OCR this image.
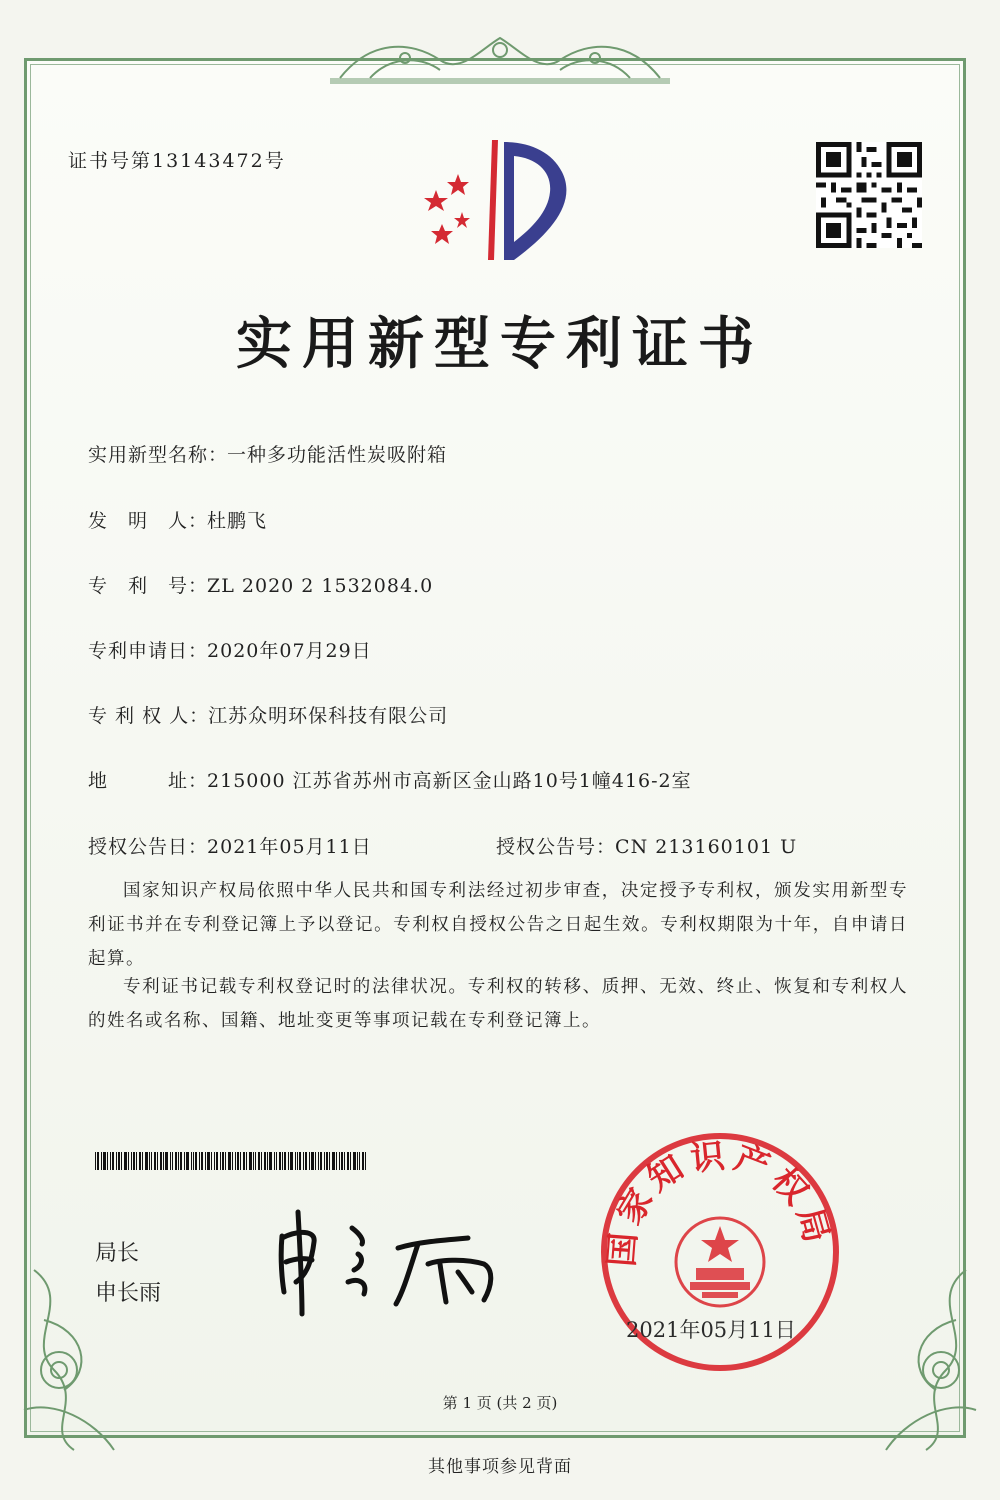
证书号第13143472号
实用新型专利证书
实用新型名称：一种多功能活性炭吸附箱
发　明　人：杜鹏飞
专　利　号：ZL 2020 2 1532084.0
专利申请日：2020年07月29日
专 利 权 人：江苏众明环保科技有限公司
地　　　址：215000 江苏省苏州市高新区金山路10号1幢416-2室
授权公告日：2021年05月11日	授权公告号：CN 213160101 U
国家知识产权局依照中华人民共和国专利法经过初步审查，决定授予专利权，颁发实用新型专利证书并在专利登记簿上予以登记。专利权自授权公告之日起生效。专利权期限为十年，自申请日起算。
专利证书记载专利权登记时的法律状况。专利权的转移、质押、无效、终止、恢复和专利权人的姓名或名称、国籍、地址变更等事项记载在专利登记簿上。
局长
申长雨
国家知识产权局
2021年05月11日
第 1 页 (共 2 页)
其他事项参见背面
